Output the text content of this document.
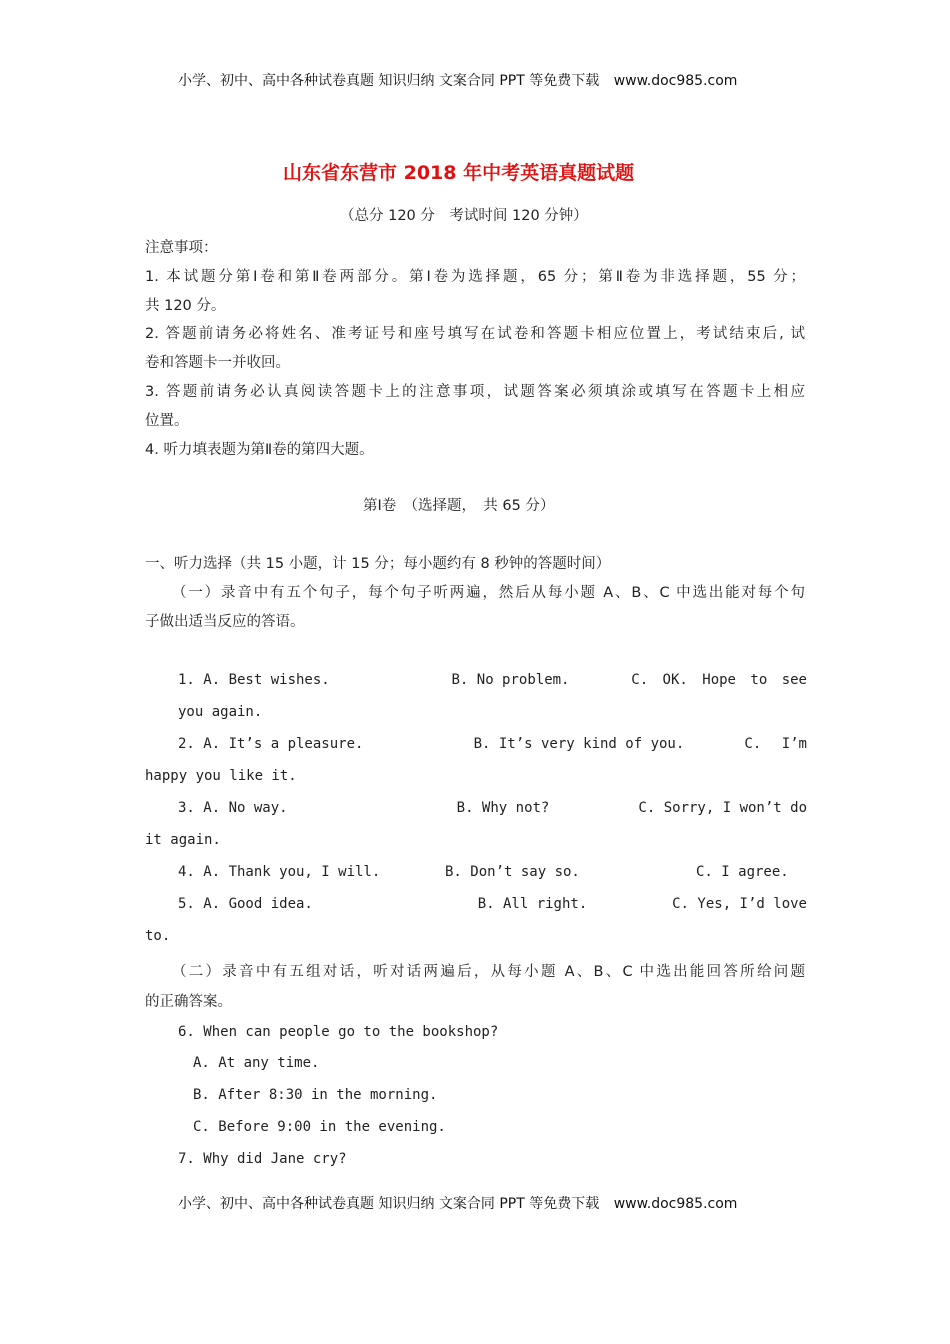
小学、初中、高中各种试卷真题 知识归纳 文案合同 PPT 等免费下载 www.doc985.com
山东省东营市 2018 年中考英语真题试题
（总分 120 分　考试时间 120 分钟）
注意事项：
1. 本试题分第Ⅰ卷和第Ⅱ卷两部分。第Ⅰ卷为选择题，65 分；第Ⅱ卷为非选择题，55 分；
共 120 分。
2. 答题前请务必将姓名、准考证号和座号填写在试卷和答题卡相应位置上，考试结束后, 试
卷和答题卡一并收回。
3. 答题前请务必认真阅读答题卡上的注意事项，试题答案必须填涂或填写在答题卡上相应
位置。
4. 听力填表题为第Ⅱ卷的第四大题。
第Ⅰ卷　（选择题，　共 65 分）
一、听力选择（共 15 小题，计 15 分；每小题约有 8 秒钟的答题时间）
（一）录音中有五个句子，每个句子听两遍，然后从每小题 A、B、C 中选出能对每个句
子做出适当反应的答语。
1. A. Best wishes.	B. No problem.	C. OK. Hope to see
you again.
2. A. It’s a pleasure.	B. It’s very kind of you.	C. I’m
happy you like it.
3. A. No way.	B. Why not?	C. Sorry, I won’t do
it again.
4. A. Thank you, I will.	B. Don’t say so.	C. I agree.
5. A. Good idea.	B. All right.	C. Yes, I’d love
to.
（二）录音中有五组对话，听对话两遍后，从每小题 A、B、C 中选出能回答所给问题
的正确答案。
6. When can people go to the bookshop?
A. At any time.
B. After 8:30 in the morning.
C. Before 9:00 in the evening.
7. Why did Jane cry?
小学、初中、高中各种试卷真题 知识归纳 文案合同 PPT 等免费下载 www.doc985.com
